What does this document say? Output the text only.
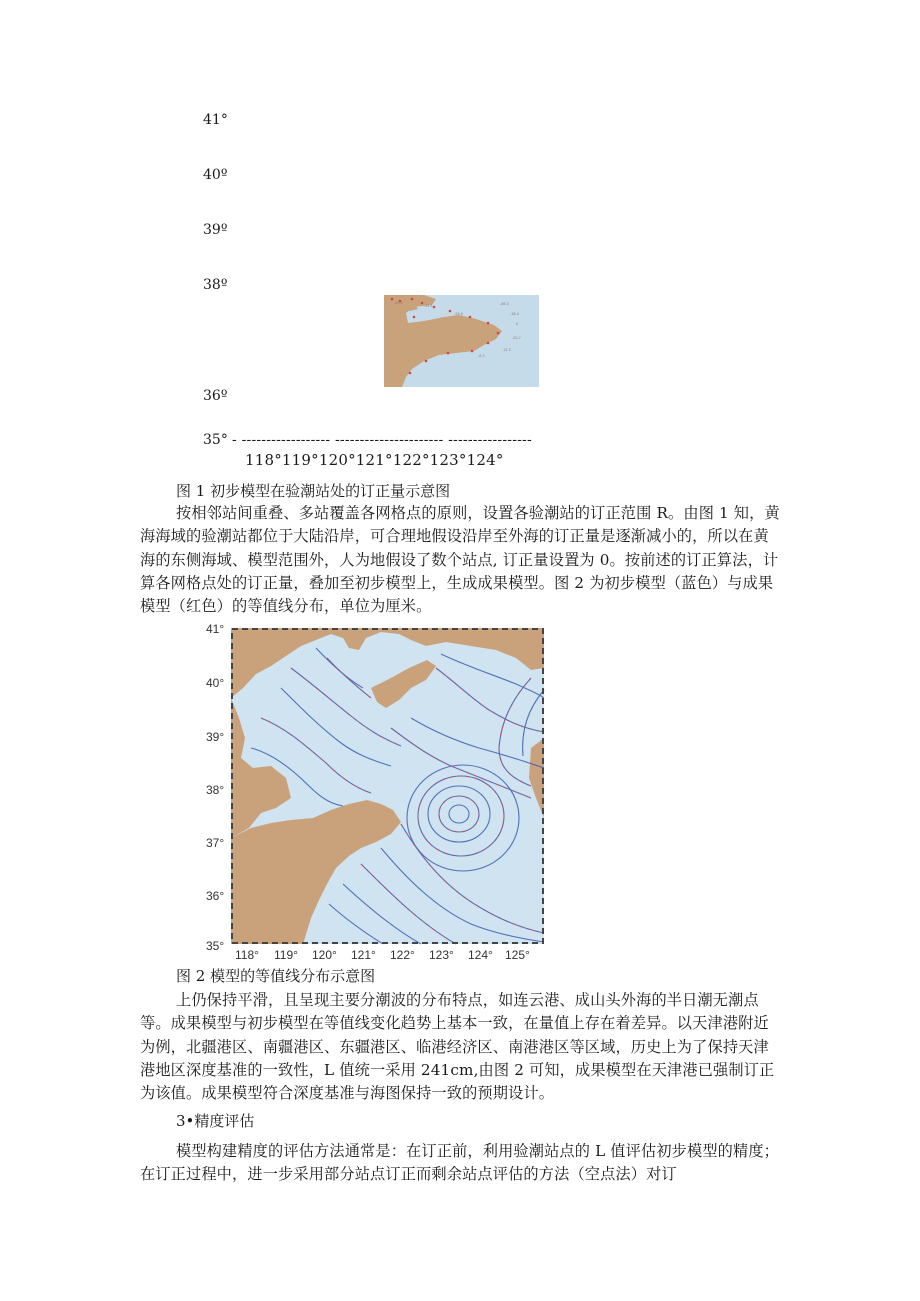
41°
40º
39º
38º
36º
35° - ------------------ ---------------------- -----------------
118°119°120°121°122°123°124°
-44.2
-32.1
-28.6
-46.3
-38.4
0
-20.7
-12.5
-8.3
图 1 初步模型在验潮站处的订正量示意图

按相邻站间重叠、多站覆盖各网格点的原则，设置各验潮站的订正范围 R。由图 1 知，黄海海域的验潮站都位于大陆沿岸，可合理地假设沿岸至外海的订正量是逐渐减小的，所以在黄海的东侧海域、模型范围外，人为地假设了数个站点, 订正量设置为 0。按前述的订正算法，计算各网格点处的订正量，叠加至初步模型上，生成成果模型。图 2 为初步模型（蓝色）与成果模型（红色）的等值线分布，单位为厘米。

41°
40°
39°
38°
37°
36°
35°
118° 119° 120° 121° 122° 123° 124° 125°
图 2 模型的等值线分布示意图

上仍保持平滑，且呈现主要分潮波的分布特点，如连云港、成山头外海的半日潮无潮点等。成果模型与初步模型在等值线变化趋势上基本一致，在量值上存在着差异。以天津港附近为例，北疆港区、南疆港区、东疆港区、临港经济区、南港港区等区域，历史上为了保持天津港地区深度基准的一致性，L 值统一采用 241cm,由图 2 可知，成果模型在天津港已强制订正为该值。成果模型符合深度基准与海图保持一致的预期设计。

3•精度评估

模型构建精度的评估方法通常是：在订正前，利用验潮站点的 L 值评估初步模型的精度；在订正过程中，进一步采用部分站点订正而剩余站点评估的方法（空点法）对订
